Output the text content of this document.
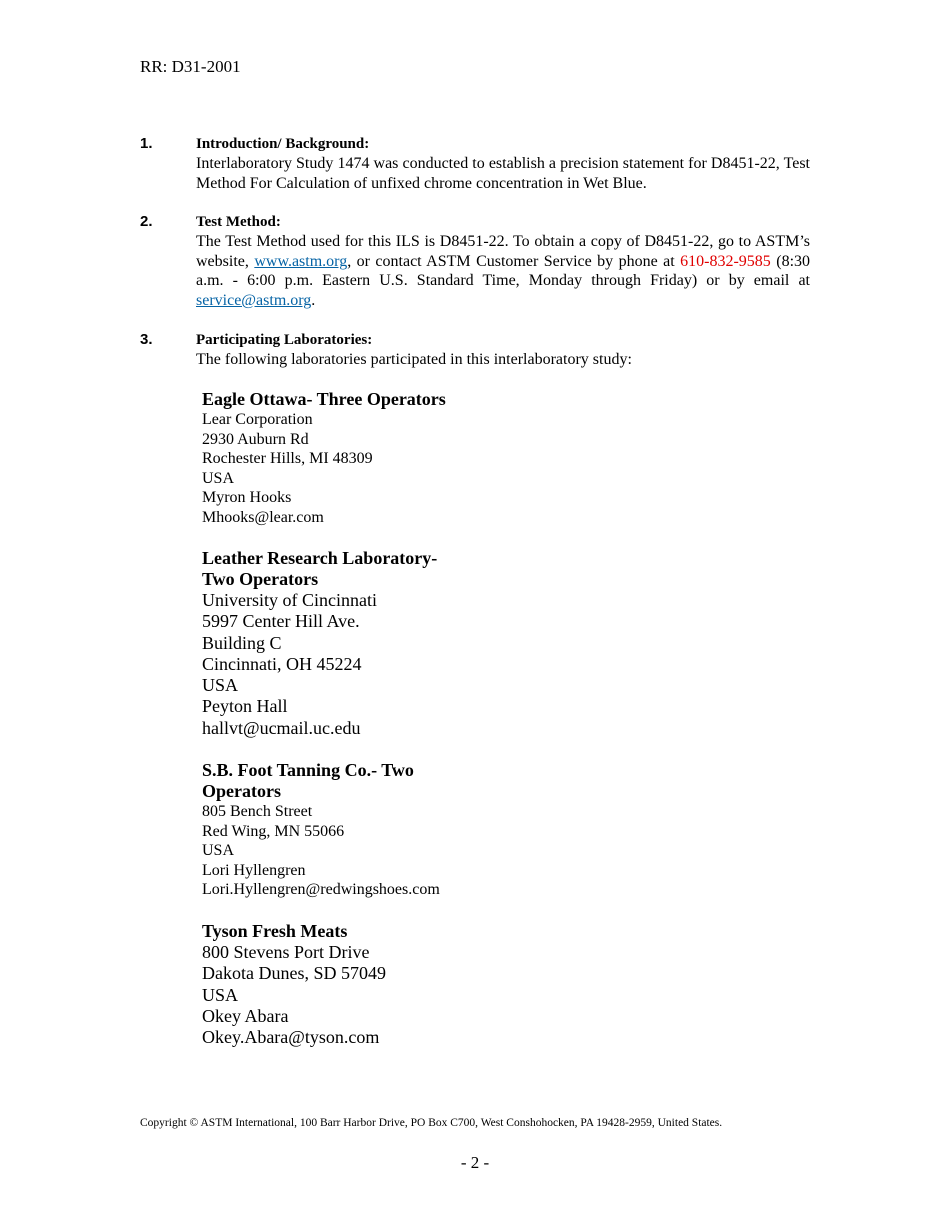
RR: D31-2001
1.	Introduction/ Background:
Interlaboratory Study 1474 was conducted to establish a precision statement for D8451-22, Test Method For Calculation of unfixed chrome concentration in Wet Blue.
2.	Test Method:
The Test Method used for this ILS is D8451-22. To obtain a copy of D8451-22, go to ASTM’s website, www.astm.org, or contact ASTM Customer Service by phone at 610-832-9585 (8:30 a.m. - 6:00 p.m. Eastern U.S. Standard Time, Monday through Friday) or by email at service@astm.org.
3.	Participating Laboratories:
The following laboratories participated in this interlaboratory study:
Eagle Ottawa- Three Operators
Lear Corporation
2930 Auburn Rd
Rochester Hills, MI 48309
USA
Myron Hooks
Mhooks@lear.com
Leather Research Laboratory-
Two Operators
University of Cincinnati
5997 Center Hill Ave.
Building C
Cincinnati, OH 45224
USA
Peyton Hall
hallvt@ucmail.uc.edu
S.B. Foot Tanning Co.- Two
Operators
805 Bench Street
Red Wing, MN 55066
USA
Lori Hyllengren
Lori.Hyllengren@redwingshoes.com
Tyson Fresh Meats
800 Stevens Port Drive
Dakota Dunes, SD 57049
USA
Okey Abara
Okey.Abara@tyson.com
Copyright © ASTM International, 100 Barr Harbor Drive, PO Box C700, West Conshohocken, PA 19428-2959, United States.
- 2 -
